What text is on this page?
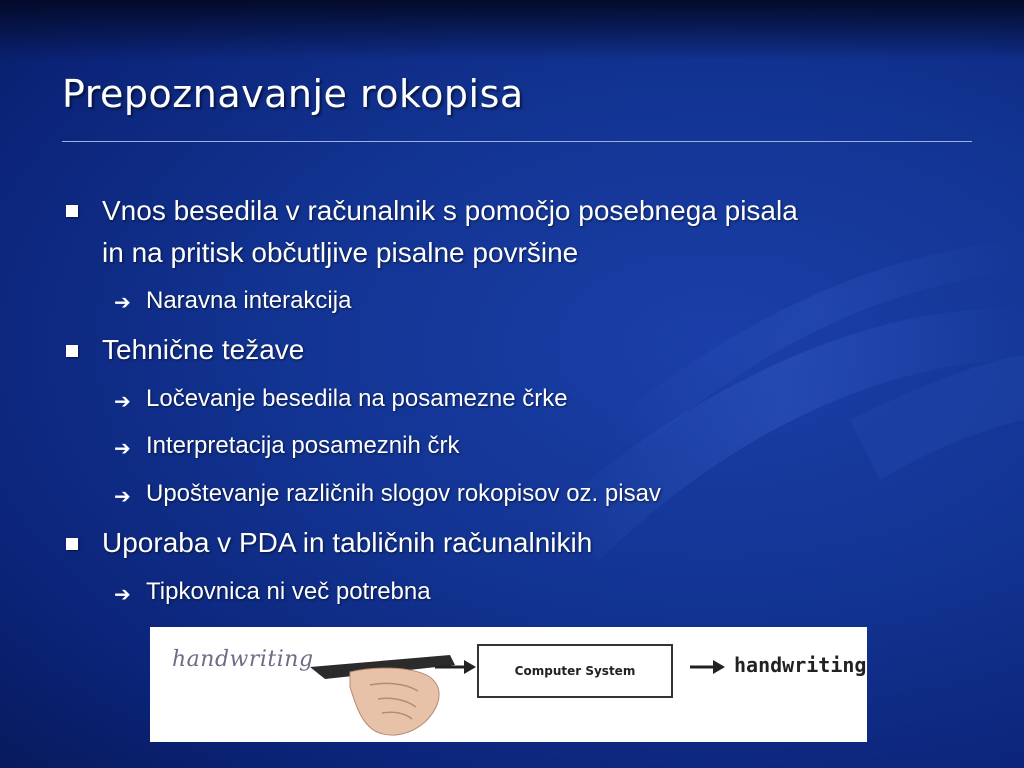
Prepoznavanje rokopisa
Vnos besedila v računalnik s pomočjo posebnega pisala
in na pritisk občutljive pisalne površine
➔ Naravna interakcija
Tehnične težave
➔ Ločevanje besedila na posamezne črke
➔ Interpretacija posameznih črk
➔ Upoštevanje različnih slogov rokopisov oz. pisav
Uporaba v PDA in tabličnih računalnikih
➔ Tipkovnica ni več potrebna
handwriting	Computer System	handwriting
